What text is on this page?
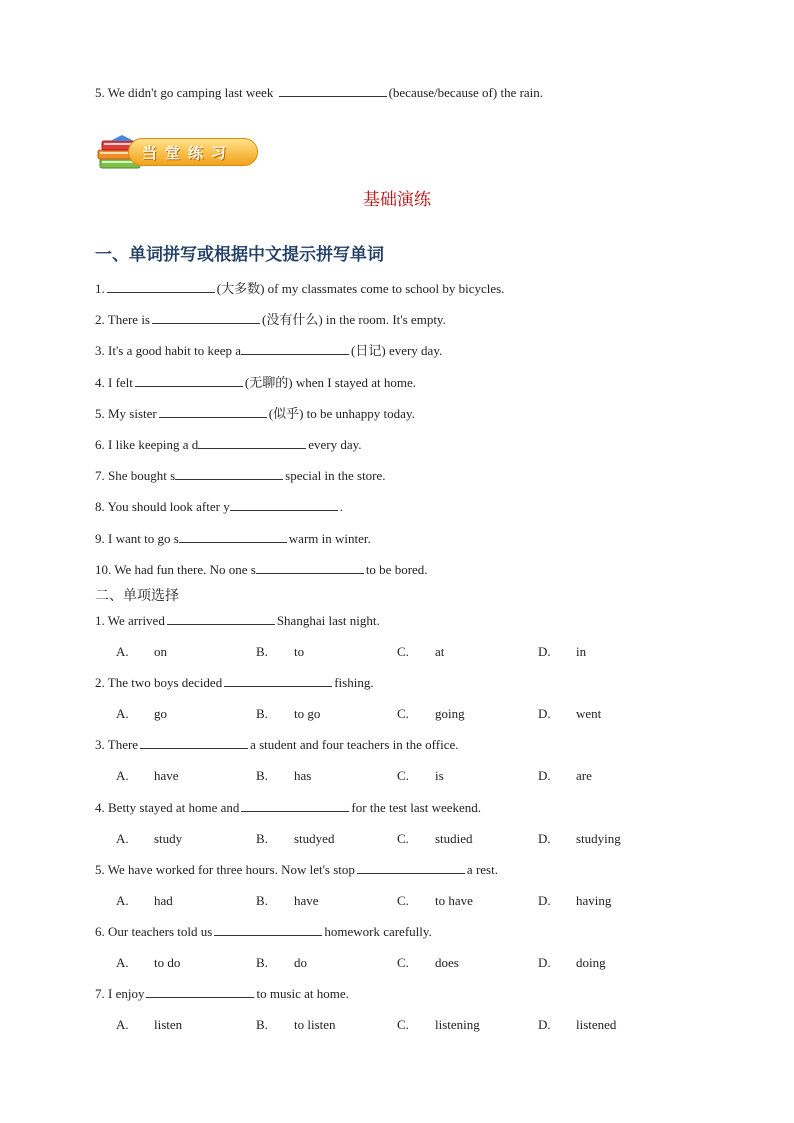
5. We didn't go camping last week	(because/because of) the rain.
当堂练习
基础演练
一、单词拼写或根据中文提示拼写单词
1.	(大多数) of my classmates come to school by bicycles.
2. There is	(没有什么) in the room. It's empty.
3. It's a good habit to keep a	(日记) every day.
4. I felt	(无聊的) when I stayed at home.
5. My sister	(似乎) to be unhappy today.
6. I like keeping a d	every day.
7. She bought s	special in the store.
8. You should look after y	.
9. I want to go s	warm in winter.
10. We had fun there. No one s	to be bored.
二、单项选择
1. We arrived	Shanghai last night.
A. on	B. to	C. at	D. in
2. The two boys decided	fishing.
A. go	B. to go	C. going	D. went
3. There	a student and four teachers in the office.
A. have	B. has	C. is	D. are
4. Betty stayed at home and	for the test last weekend.
A. study	B. studyed	C. studied	D. studying
5. We have worked for three hours. Now let's stop	a rest.
A. had	B. have	C. to have	D. having
6. Our teachers told us	homework carefully.
A. to do	B. do	C. does	D. doing
7. I enjoy	to music at home.
A. listen	B. to listen	C. listening	D. listened
